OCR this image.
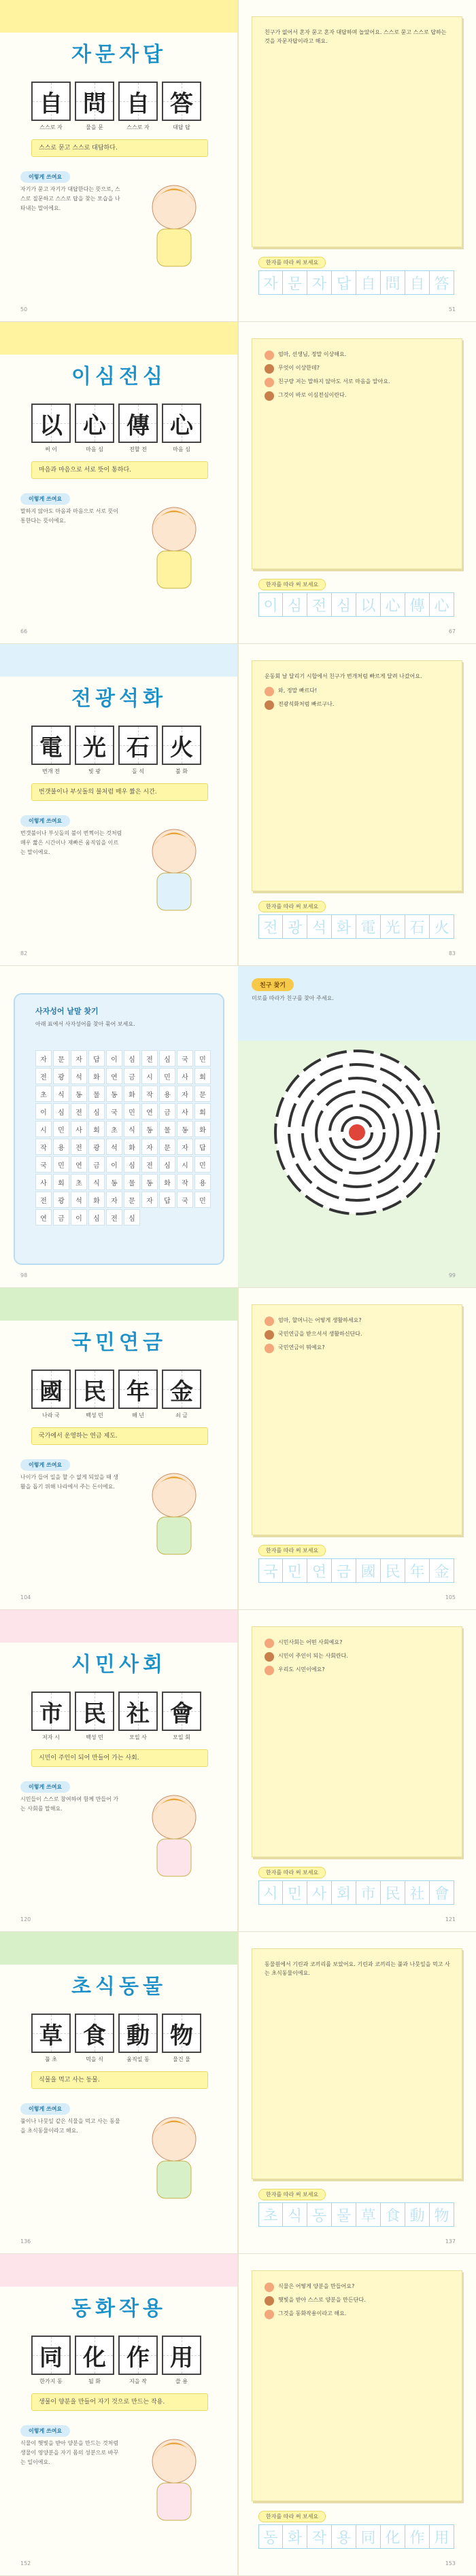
자문자답
自 問 自 答
스스로 자	물을 문	스스로 자	대답 답
스스로 묻고 스스로 대답하다.
이렇게 쓰여요
자기가 묻고 자기가 대답한다는 뜻으로, 스스로 질문하고 스스로 답을 찾는 모습을 나타내는 말이에요.
50
친구가 없어서 혼자 묻고 혼자 대답하며 놀았어요. 스스로 묻고 스스로 답하는 것을 자문자답이라고 해요.
한자를 따라 써 보세요
자 문 자 답 自 問 自 答
51
이심전심
以 心 傳 心
써 이	마음 심	전할 전	마음 심
마음과 마음으로 서로 뜻이 통하다.
이렇게 쓰여요
말하지 않아도 마음과 마음으로 서로 뜻이 통한다는 뜻이에요.
66
엄마, 선생님, 정말 이상해요.
무엇이 이상한데?
친구랑 저는 말하지 않아도 서로 마음을 알아요.
그것이 바로 이심전심이란다.
한자를 따라 써 보세요
이 심 전 심 以 心 傳 心
67
전광석화
電 光 石 火
번개 전	빛 광	돌 석	불 화
번갯불이나 부싯돌의 불처럼 매우 짧은 시간.
이렇게 쓰여요
번갯불이나 부싯돌의 불이 번쩍이는 것처럼 매우 짧은 시간이나 재빠른 움직임을 이르는 말이에요.
82
운동회 날 달리기 시합에서 친구가 번개처럼 빠르게 달려 나갔어요.
와, 정말 빠르다!
전광석화처럼 빠르구나.
한자를 따라 써 보세요
전 광 석 화 電 光 石 火
83
사자성어 낱말 찾기
아래 표에서 사자성어를 찾아 묶어 보세요.
자	문	자	답	이	심	전	심	국	민
전	광	석	화	연	금	시	민	사	회
초	식	동	물	동	화	작	용	자	문
이	심	전	심	국	민	연	금	사	회
시	민	사	회	초	식	동	물	동	화
작	용	전	광	석	화	자	문	자	답
국	민	연	금	이	심	전	심	시	민
사	회	초	식	동	물	동	화	작	용
전	광	석	화	자	문	자	답	국	민
연	금	이	심	전	심
98
친구 찾기
미로를 따라가 친구를 찾아 주세요.
99
국민연금
國 民 年 金
나라 국	백성 민	해 년	쇠 금
국가에서 운영하는 연금 제도.
이렇게 쓰여요
나이가 들어 일을 할 수 없게 되었을 때 생활을 돕기 위해 나라에서 주는 돈이에요.
104
엄마, 할머니는 어떻게 생활하세요?
국민연금을 받으셔서 생활하신단다.
국민연금이 뭐예요?
한자를 따라 써 보세요
국 민 연 금 國 民 年 金
105
시민사회
市 民 社 會
저자 시	백성 민	모일 사	모일 회
시민이 주인이 되어 만들어 가는 사회.
이렇게 쓰여요
시민들이 스스로 참여하여 함께 만들어 가는 사회를 말해요.
120
시민사회는 어떤 사회예요?
시민이 주인이 되는 사회란다.
우리도 시민이에요?
한자를 따라 써 보세요
시 민 사 회 市 民 社 會
121
초식동물
草 食 動 物
풀 초	먹을 식	움직일 동	물건 물
식물을 먹고 사는 동물.
이렇게 쓰여요
풀이나 나뭇잎 같은 식물을 먹고 사는 동물을 초식동물이라고 해요.
136
동물원에서 기린과 코끼리를 보았어요. 기린과 코끼리는 풀과 나뭇잎을 먹고 사는 초식동물이에요.
한자를 따라 써 보세요
초 식 동 물 草 食 動 物
137
동화작용
同 化 作 用
한가지 동	될 화	지을 작	쓸 용
생물이 양분을 만들어 자기 것으로 만드는 작용.
이렇게 쓰여요
식물이 햇빛을 받아 양분을 만드는 것처럼 생물이 영양분을 자기 몸의 성분으로 바꾸는 일이에요.
152
식물은 어떻게 양분을 만들어요?
햇빛을 받아 스스로 양분을 만든단다.
그것을 동화작용이라고 해요.
한자를 따라 써 보세요
동 화 작 용 同 化 作 用
153
